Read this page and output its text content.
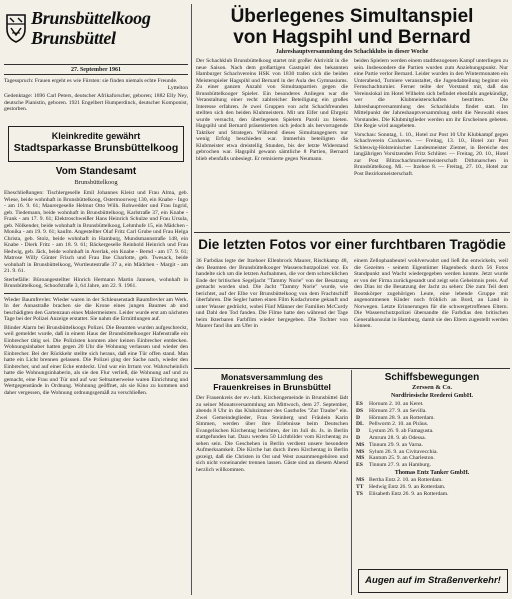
Brunsbüttelkoog
Brunsbüttel
27. September 1961

Tagesspruch: Frauen ergeht es wie Fürsten: sie finden niemals echte Freunde.

Lyttelton

Gedenktage: 1696 Carl Peters, deutscher Afrikaforscher, geboren; 1882 Elly Ney, deutsche Pianistin, geboren. 1921 Engelbert Humperdinck, deutscher Komponist, gestorben.

Kleinkredite gewährt
Stadtsparkasse Brunsbüttelkoog
Vom Standesamt
Brunsbüttelkoog

Eheschließungen: Tischlergeselle Emil Johannes Kleist und Frau Alma, geb. Wiese, beide wohnhaft in Brunsbüttelkoog, Ostermoorweg 130, ein Knabe - Ingo - am 16. 9. 61; Maurergeselle Helmut Otto Wilh. Rohwedder und Frau Ingrid, geb. Tiedemann, beide wohnhaft in Brunsbüttelkoog, Karlstraße 37, ein Knabe - Frank - am 17. 9. 61; Elektroschweißer Hans Heinrich Schulze und Frau Ursula, geb. Nölkender, beide wohnhaft in Brunsbüttelkoog, Lehmhufe 15, ein Mädchen - Monika - am 19. 9. 61; kaufm. Angestellter Olaf Fritz Carl Grube und Frau Helga Christa, geb. Stolz, beide wohnhaft in Hamburg, Mundsmannstraße 148, ein Knabe - Dierk Fritz - am 18. 9. 61; Bäckergeselle Reinhold Heinrich und Frau Hedwig, geb. Jäck, beide wohnhaft in Averlak, ein Knabe - Bernd - am 17. 9. 61; Matrose Willy Günter Frisch und Frau Ilse Charlotte, geb. Twesack, beide wohnhaft in Brunsbüttelkoog, Wurtleutestraße 37 a, ein Mädchen - Margit - am 21. 9. 61.

Sterbefälle: Büroangestellter Hinrich Hermann Martin Jannsen, wohnhaft in Brunsbüttelkoog, Schoofstraße 3, 64 Jahre, am 22. 9. 1961.

Wieder Baumfrevler. Wieder waren in der Schleusenstadt Baumfrevler am Werk. In der Annastraße brachen sie die Krone eines jungen Baumes ab und beschädigten den Gartenzaun eines Malermeisters. Leider wurde erst am nächsten Tage bei der Polizei Anzeige erstattet. Sie nahm die Ermittlungen auf.

Blinder Alarm bei Brunsbüttelkoogs Polizei. Die Beamten wurden aufgeschreckt, weil gemeldet wurde, daß in einem Haus der Brunsbüttelkooger Hafenstraße ein Einbrecher tätig sei. Die Polizisten konnten aber keinen Einbrecher entdecken. Wohnungsinhaber hatten gegen 20 Uhr die Wohnung verlassen und wieder den Einbrecher. Bei der Rückkehr stellte sich heraus, daß eine Tür offen stand. Man hatte ein Licht brennen gelassen. Die Polizei ging der Sache nach, wieder den Einbrecher, und auf einer Ecke entdeckt. Und war ein Irrtum vor. Wahrscheinlich hatte die Wohnungsinhaberin, als sie den Flur verließ, die Wohnung auf und zu gemacht, eine Frau und Tür und auf war Seltsamerweise waren Einrichtung und Wertgegenstände in Ordnung. Wohnung geöffnet, als sie Kino zu kommen und daher vergessen, die Wohnung ordnungsgemäß zu verschließen.

Überlegenes Simultanspiel
von Hagspihl und Bernard
Jahreshauptversammlung des Schachklubs in dieser Woche

Der Schachklub Brunsbüttelkoog startet mit großer Aktivität in die neue Saison. Nach dem großartigen Gastspiel des bekannten Hamburger Schachvereins HSK von 1830 trafen sich die beiden Meisterspieler Hagspihl und Bernard in der Aula des Gymnasiums. Zu einer ganzen Anzahl von Simultanpartien gegen die Brunsbüttelkooger Spieler. Ein besonderes Anliegen war die Veranstaltung einer recht zahlreicher Beteiligung ein großes Interesse erfahren. Je zwei Gruppen von acht Schachfreunden stellten sich den beiden Klubmeistern. Mit um Eifer und Ehrgeiz wurde versucht, den überlegenen Spielern Paroli zu bieten. Hagspihl und Bernard präsentierten sich jedoch als hervorragende Taktiker und Strategen. Während dieses Simultangegners nur wenig Erfolg beschieden war. Immerhin beteiligten die Klubmeister etwa dreistellig Stunden, bis der letzte Widerstand gebrochen war. Hagspihl gewann sämtliche 8 Partien, Bernard blieb ebenfalls unbesiegt. Er remisierte gegen Neumann.

beiden Spielern werden einem stadtbezogenen Kampf unterliegen zu sein. Insbesondere die Partien wurden zum Anziehungspunkt. Nur eine Partie verlor Bernard. Leider wurden in den Wintermonaten ein Unterabend, Turniere veranstaltet, die Jugendabteilung beginnt ein Fernschachturnier. Ferner teilte der Vorstand mit, daß das Vereinslokal im Hotel Wilhelm sich befindet ebenfalls angekündigt, wer die Klubmeisterschaften bestritten. Die Jahreshauptversammlung des Schachklubs findet statt. Im Mittelpunkt der Jahreshauptversammlung steht die Neuwahl eines Vorstandes. Die Klubmitglieder werden um ihr Erscheinen gebeten. Die Regie wird ausgebeten.

Vorschau: Sonntag, 1. 10., Hotel zur Post 10 Uhr Klubkampf gegen Schachverein Cuxhaven. — Freitag, 13. 10., Hotel zur Post Schleswig-Holsteinischer Landesmeister Ziemer, in Bereiche des langjährigen Vorsitzenden Fritz Schlüter. — Freitag, 20. 10., Hotel zur Post Blitzschachturniermeisterschaft Dithmarschen in Brunsbüttelkoog. Mi. — Itzehoe 8. — Freitag, 27. 10., Hotel zur Post Bezirksmeisterschaft.

Die letzten Fotos vor einer furchtbaren Tragödie

36 Farbdias legte der Itzehoer Ellenbrock Maurer, Rischkamp 48, den Beamten der Brunsbüttelkooger Wasserschutzpolizei vor. Es handelte sich um die letzten Aufnahmen, die vor dem schrecklichen Ende der britischen Segeljacht "Tammy Norie" von der Besatzung gemacht worden sind. Die Jacht "Tammy Norie" wurde, wie berichtet, auf der Elbe vor Brunsbüttelkoog von dem Frachtschiff überfahren. Die Segler hatten einen Film Kodachrome gekauft und unter Wasser gedrückt, wobei Fünf Männer der Familien McCurdy und Dahl den Tod fanden. Die Filme hatte den während der Tage beim Ikterbaren Farbfilm wieder hergegeben. Die Tochter von Maurer fand ihn am Ufer in

einem Zellophanbeutel wohlverwahrt und ließ ihn entwickeln, weil die Gezeiten - seinem Eigentümer Hagenbeck durch 56 Fotos Standpunkt und Wacht wiedergegeben werden konnte. Jetzt wurde er von der Firma zurückgesandt und zeigt sein Geheimnis preis. Auf den Dias ist die Besatzung der Jacht zu sehen: Die zum Teil dem Bootskörper zugehörigen Leute, eine lebende Gruppe mit angenommenen Kinder noch fröhlich an Bord, an Land in Norwegen. Letzte Erinnerungen für die schwergetroffenen Eltern. Die Wasserschutzpolizei übersandte die Farbdias den britischen Generalkonsulat in Hamburg, damit sie den Eltern zugestellt werden können.

Monatsversammlung des
Frauenkreises in Brunsbüttel

Der Frauenkreis der ev.-luth. Kirchengemeinde in Brunsbüttel lädt zu seiner Monatsversammlung am Mittwoch, dem 27. September, abends 8 Uhr in das Klubzimmer des Gasthofes "Zur Traube" ein. Zwei Gemeindeglieder, Frau Steinberg und Fräulein Karin Simmen, werden über ihre Erlebnisse beim Deutschen Evangelischen Kirchentag berichten, der im Juli ds. Js. in Berlin stattgefunden hat. Dazu werden 50 Lichtbilder vom Kirchentag zu sehen sein. Die Geschehen in Berlin verdient unsere besondere Aufmerksamkeit. Die Kirche hat durch ihren Kirchentag in Berlin gezeigt, daß die Christen in Ost und West zusammengehören und sich nicht voneinander trennen lassen. Gäste sind an diesem Abend herzlich willkommen.

Schiffsbewegungen
Zerssen & Co.
Nordfriesische Reederei GmbH.
ES Hornum 2. 10. an Keret.
DS Hörnum 27. 9. an Sevilla.
D Hörnum 28. 9. an Rotterdam.
DL Pellworm 2. 10. an Piräus.
D Lystum 26. 9. ab Famagusta.
D Amrum 28. 9. ab Odessa.
MS Tinnum 29. 9. an Varna.
MS Sylum 26. 9. an Civitavecchia.
MS Kantum 25. 9. an Charleston.
ES Tinnum 27. 9. an Hamburg.
Thomas Entz Tanker GmbH.
MS Bertha Entz 2. 10. an Rotterdam.
TT Hedwig Entz 26. 9. an Rotterdam.
TS Elisabeth Entz 26. 9. an Rotterdam.
Augen auf im Straßenverkehr!
